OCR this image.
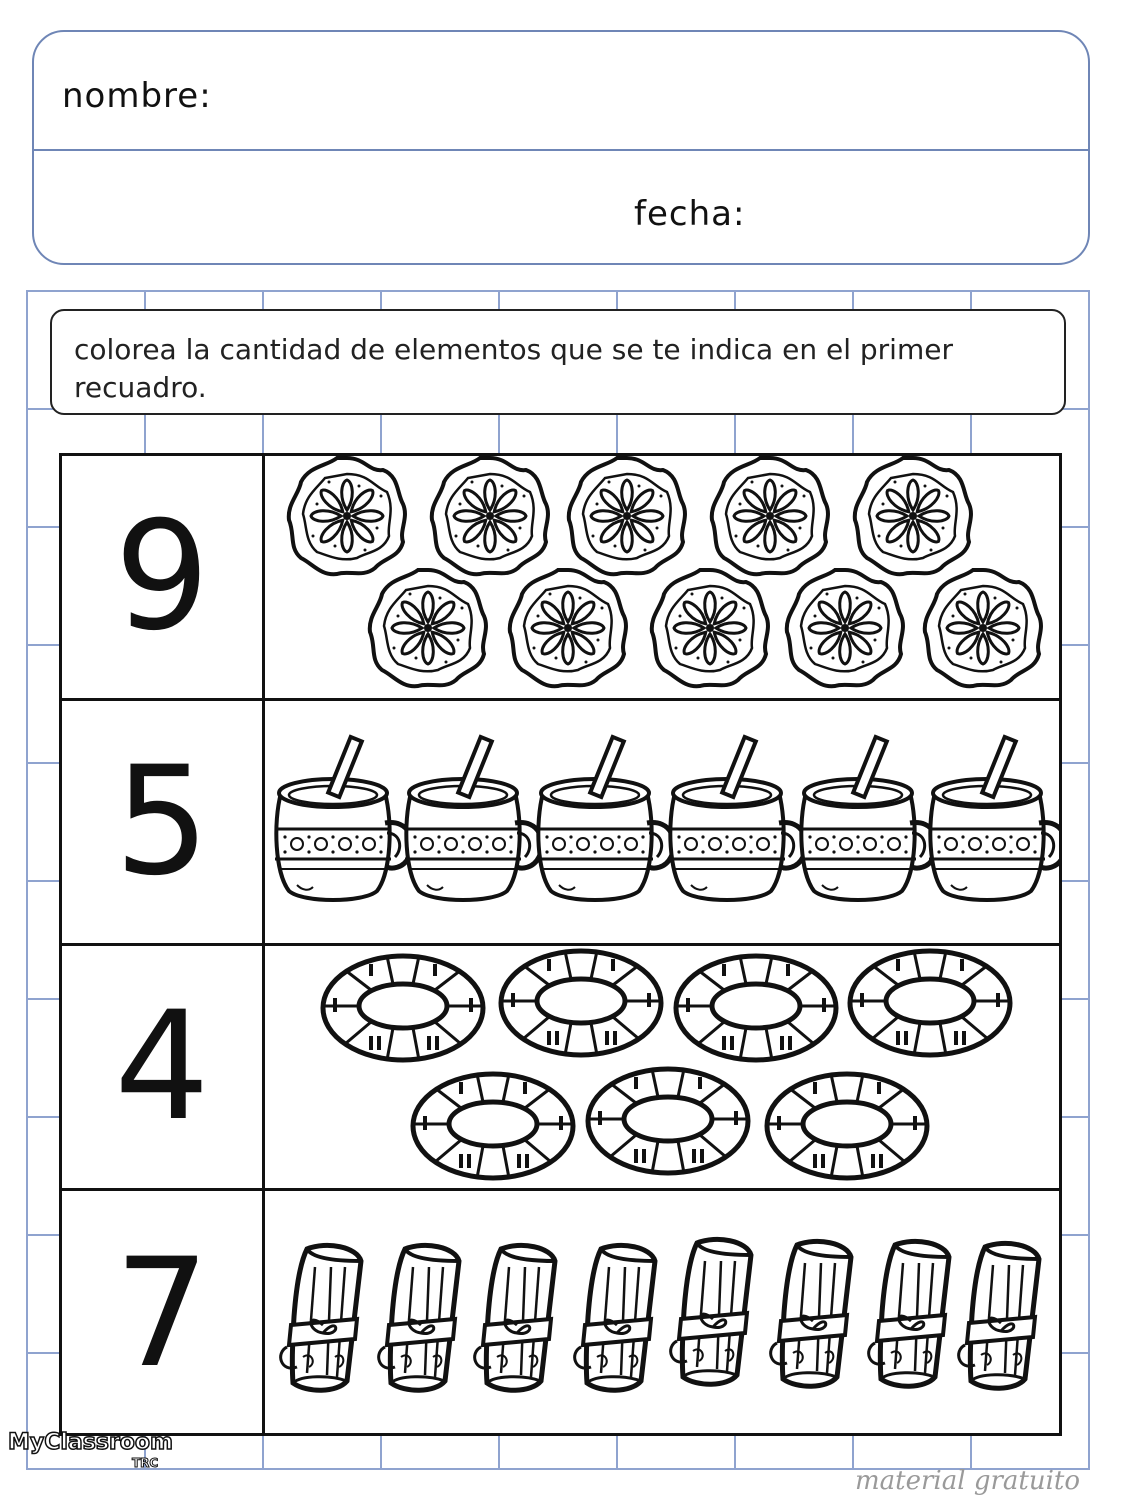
nombre:
fecha:
colorea la cantidad de elementos que se te indica en el primer recuadro.
9
5
4
7
MyClassroom
TRC
material gratuito
